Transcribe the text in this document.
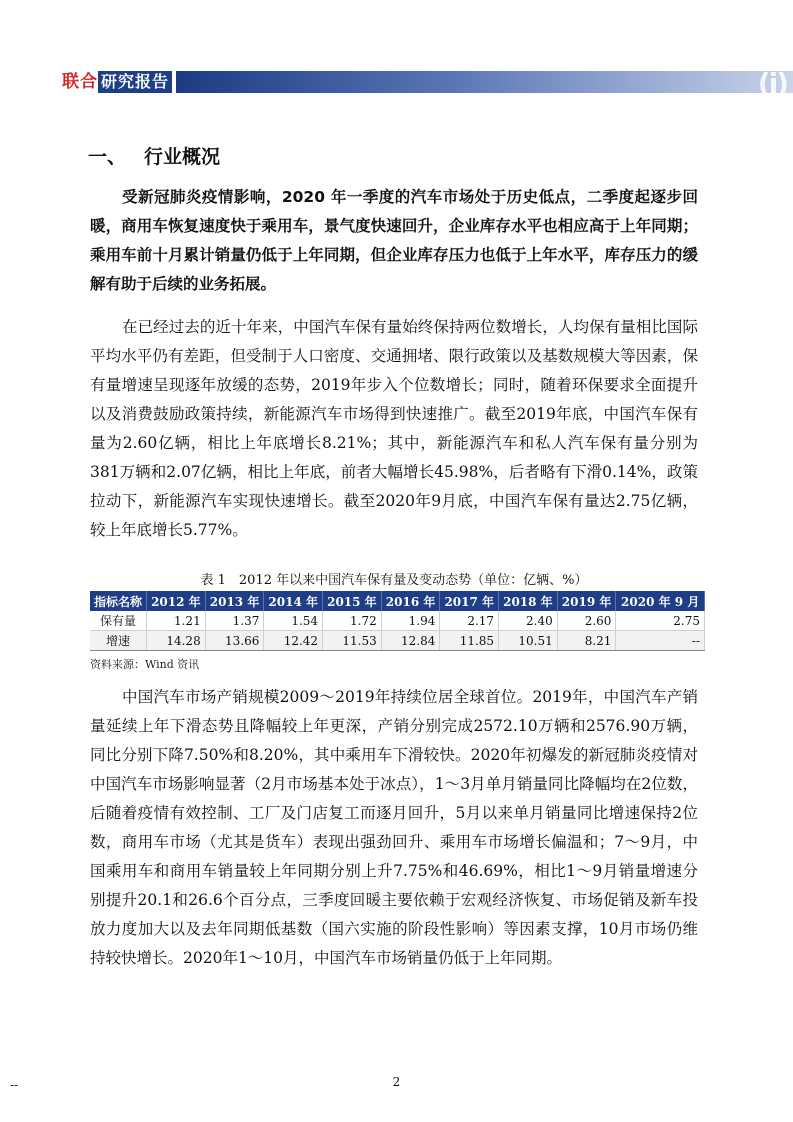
联合 研究报告	(i)
一、 行业概况

受新冠肺炎疫情影响，2020 年一季度的汽车市场处于历史低点，二季度起逐步回暖，商用车恢复速度快于乘用车，景气度快速回升，企业库存水平也相应高于上年同期；乘用车前十月累计销量仍低于上年同期，但企业库存压力也低于上年水平，库存压力的缓解有助于后续的业务拓展。

在已经过去的近十年来，中国汽车保有量始终保持两位数增长，人均保有量相比国际平均水平仍有差距，但受制于人口密度、交通拥堵、限行政策以及基数规模大等因素，保有量增速呈现逐年放缓的态势，2019年步入个位数增长；同时，随着环保要求全面提升以及消费鼓励政策持续，新能源汽车市场得到快速推广。截至2019年底，中国汽车保有量为2.60亿辆，相比上年底增长8.21%；其中，新能源汽车和私人汽车保有量分别为381万辆和2.07亿辆，相比上年底，前者大幅增长45.98%，后者略有下滑0.14%，政策拉动下，新能源汽车实现快速增长。截至2020年9月底，中国汽车保有量达2.75亿辆，较上年底增长5.77%。

表 1　2012 年以来中国汽车保有量及变动态势（单位：亿辆、%）
指标名称	2012 年	2013 年	2014 年	2015 年	2016 年	2017 年	2018 年	2019 年	2020 年 9 月
保有量	1.21	1.37	1.54	1.72	1.94	2.17	2.40	2.60	2.75
增速	14.28	13.66	12.42	11.53	12.84	11.85	10.51	8.21	--
资料来源：Wind 资讯

中国汽车市场产销规模2009～2019年持续位居全球首位。2019年，中国汽车产销量延续上年下滑态势且降幅较上年更深，产销分别完成2572.10万辆和2576.90万辆，同比分别下降7.50%和8.20%，其中乘用车下滑较快。2020年初爆发的新冠肺炎疫情对中国汽车市场影响显著（2月市场基本处于冰点），1～3月单月销量同比降幅均在2位数，后随着疫情有效控制、工厂及门店复工而逐月回升，5月以来单月销量同比增速保持2位数，商用车市场（尤其是货车）表现出强劲回升、乘用车市场增长偏温和；7～9月，中国乘用车和商用车销量较上年同期分别上升7.75%和46.69%，相比1～9月销量增速分别提升20.1和26.6个百分点，三季度回暖主要依赖于宏观经济恢复、市场促销及新车投放力度加大以及去年同期低基数（国六实施的阶段性影响）等因素支撑，10月市场仍维持较快增长。2020年1～10月，中国汽车市场销量仍低于上年同期。

--	2
